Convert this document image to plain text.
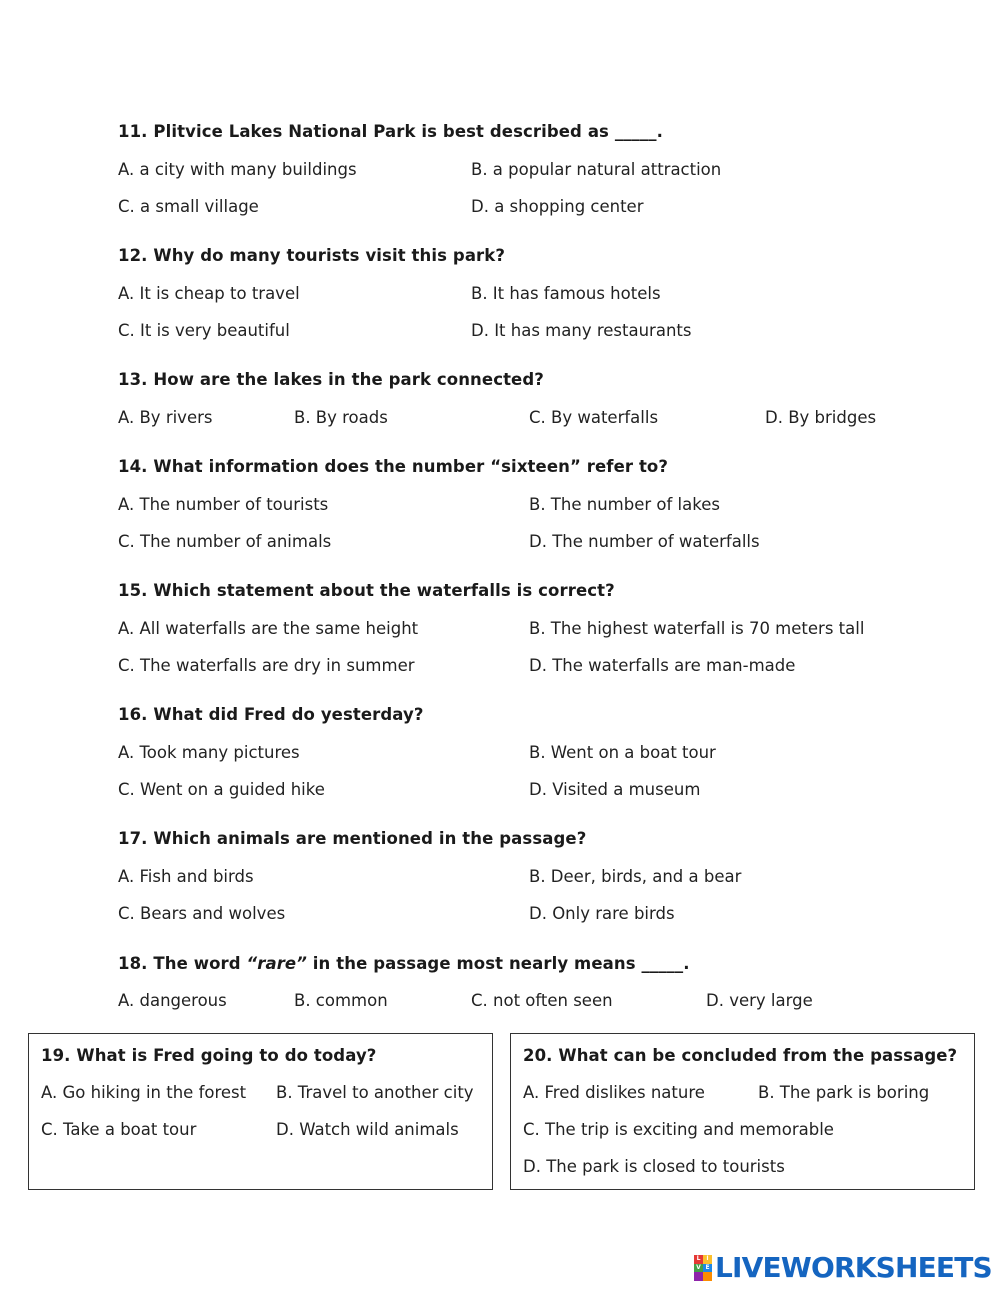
11. Plitvice Lakes National Park is best described as _____.
A. a city with many buildings	B. a popular natural attraction
C. a small village	D. a shopping center
12. Why do many tourists visit this park?
A. It is cheap to travel	B. It has famous hotels
C. It is very beautiful	D. It has many restaurants
13. How are the lakes in the park connected?
A. By rivers	B. By roads	C. By waterfalls	D. By bridges
14. What information does the number “sixteen” refer to?
A. The number of tourists	B. The number of lakes
C. The number of animals	D. The number of waterfalls
15. Which statement about the waterfalls is correct?
A. All waterfalls are the same height	B. The highest waterfall is 70 meters tall
C. The waterfalls are dry in summer	D. The waterfalls are man-made
16. What did Fred do yesterday?
A. Took many pictures	B. Went on a boat tour
C. Went on a guided hike	D. Visited a museum
17. Which animals are mentioned in the passage?
A. Fish and birds	B. Deer, birds, and a bear
C. Bears and wolves	D. Only rare birds
18. The word “rare” in the passage most nearly means _____.
A. dangerous	B. common	C. not often seen	D. very large
19. What is Fred going to do today?
A. Go hiking in the forest B. Travel to another city
C. Take a boat tour	D. Watch wild animals
20. What can be concluded from the passage?
A. Fred dislikes nature	B. The park is boring
C. The trip is exciting and memorable
D. The park is closed to tourists
L I
V E LIVEWORKSHEETS
